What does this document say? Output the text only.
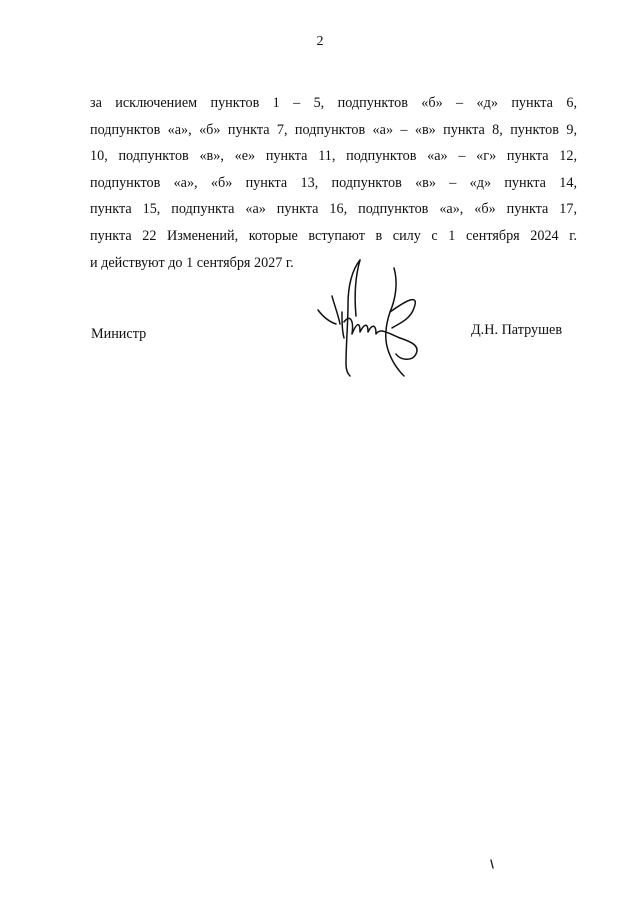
2
за исключением пунктов 1 – 5, подпунктов «б» – «д» пункта 6,
подпунктов «а», «б» пункта 7, подпунктов «а» – «в» пункта 8, пунктов 9,
10, подпунктов «в», «е» пункта 11, подпунктов «а» – «г» пункта 12,
подпунктов «а», «б» пункта 13, подпунктов «в» – «д» пункта 14,
пункта 15, подпункта «а» пункта 16, подпунктов «а», «б» пункта 17,
пункта 22 Изменений, которые вступают в силу с 1 сентября 2024 г.
и действуют до 1 сентября 2027 г.
Министр	Д.Н. Патрушев
